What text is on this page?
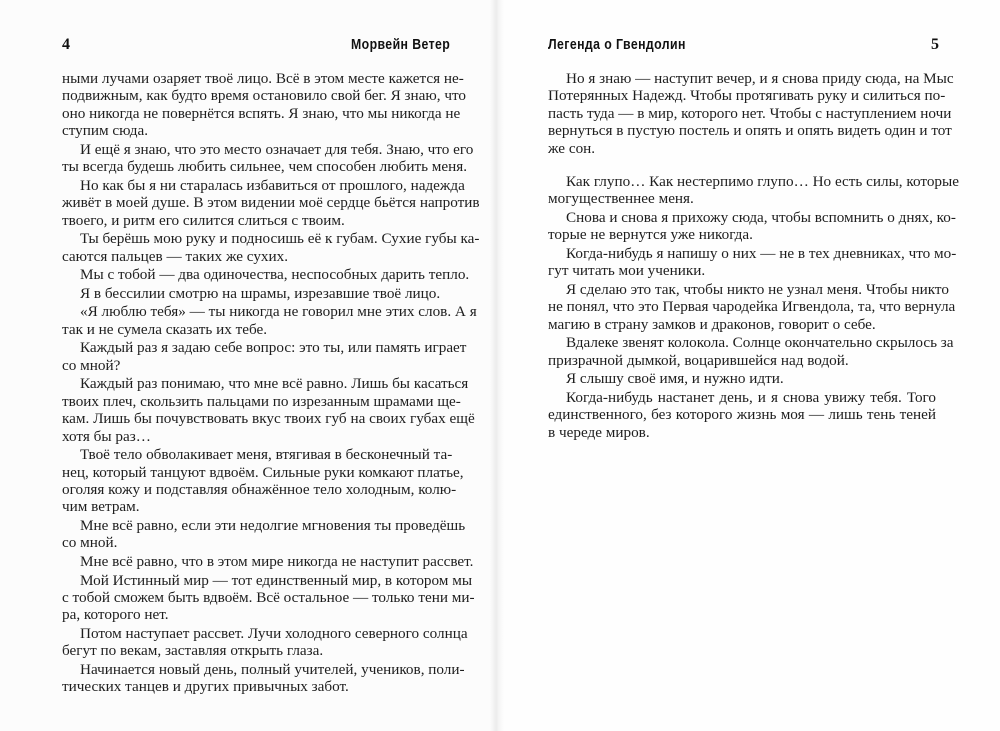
4	Морвейн Ветер
ными лучами озаряет твоё лицо. Всё в этом месте кажется не-
подвижным, как будто время остановило свой бег. Я знаю, что
оно никогда не повернётся вспять. Я знаю, что мы никогда не
ступим сюда.
И ещё я знаю, что это место означает для тебя. Знаю, что его
ты всегда будешь любить сильнее, чем способен любить меня.
Но как бы я ни старалась избавиться от прошлого, надежда
живёт в моей душе. В этом видении моё сердце бьётся напротив
твоего, и ритм его силится слиться с твоим.
Ты берёшь мою руку и подносишь её к губам. Сухие губы ка-
саются пальцев — таких же сухих.
Мы с тобой — два одиночества, неспособных дарить тепло.
Я в бессилии смотрю на шрамы, изрезавшие твоё лицо.
«Я люблю тебя» — ты никогда не говорил мне этих слов. А я
так и не сумела сказать их тебе.
Каждый раз я задаю себе вопрос: это ты, или память играет
со мной?
Каждый раз понимаю, что мне всё равно. Лишь бы касаться
твоих плеч, скользить пальцами по изрезанным шрамами ще-
кам. Лишь бы почувствовать вкус твоих губ на своих губах ещё
хотя бы раз…
Твоё тело обволакивает меня, втягивая в бесконечный та-
нец, который танцуют вдвоём. Сильные руки комкают платье,
оголяя кожу и подставляя обнажённое тело холодным, колю-
чим ветрам.
Мне всё равно, если эти недолгие мгновения ты проведёшь
со мной.
Мне всё равно, что в этом мире никогда не наступит рассвет.
Мой Истинный мир — тот единственный мир, в котором мы
с тобой сможем быть вдвоём. Всё остальное — только тени ми-
ра, которого нет.
Потом наступает рассвет. Лучи холодного северного солнца
бегут по векам, заставляя открыть глаза.
Начинается новый день, полный учителей, учеников, поли-
тических танцев и других привычных забот.
Легенда о Гвендолин	5
Но я знаю — наступит вечер, и я снова приду сюда, на Мыс
Потерянных Надежд. Чтобы протягивать руку и силиться по-
пасть туда — в мир, которого нет. Чтобы с наступлением ночи
вернуться в пустую постель и опять и опять видеть один и тот
же сон.
Как глупо… Как нестерпимо глупо… Но есть силы, которые
могущественнее меня.
Снова и снова я прихожу сюда, чтобы вспомнить о днях, ко-
торые не вернутся уже никогда.
Когда-нибудь я напишу о них — не в тех дневниках, что мо-
гут читать мои ученики.
Я сделаю это так, чтобы никто не узнал меня. Чтобы никто
не понял, что это Первая чародейка Игвендола, та, что вернула
магию в страну замков и драконов, говорит о себе.
Вдалеке звенят колокола. Солнце окончательно скрылось за
призрачной дымкой, воцарившейся над водой.
Я слышу своё имя, и нужно идти.
Когда-нибудь настанет день, и я снова увижу тебя. Того
единственного, без которого жизнь моя — лишь тень теней
в череде миров.
